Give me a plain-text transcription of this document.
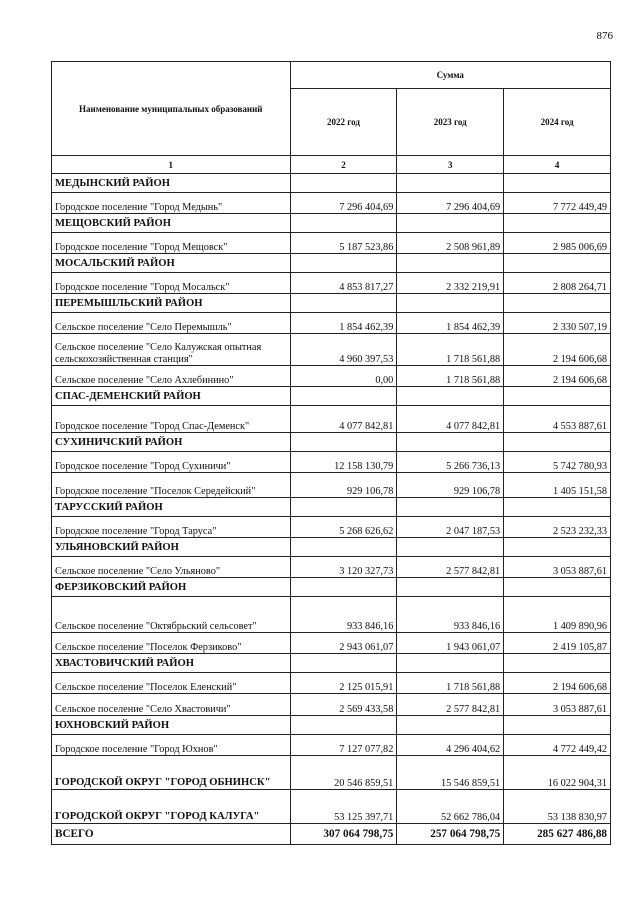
876
Наименование муниципальных образований	Сумма		
	2022 год	2023 год	2024 год
1	2	3	4
МЕДЫНСКИЙ РАЙОН			
Городское поселение "Город Медынь"	7 296 404,69	7 296 404,69	7 772 449,49
МЕЩОВСКИЙ РАЙОН			
Городское поселение "Город Мещовск"	5 187 523,86	2 508 961,89	2 985 006,69
МОСАЛЬСКИЙ РАЙОН			
Городское поселение "Город Мосальск"	4 853 817,27	2 332 219,91	2 808 264,71
ПЕРЕМЫШЛЬСКИЙ РАЙОН			
Сельское поселение "Село Перемышль"	1 854 462,39	1 854 462,39	2 330 507,19
Сельское поселение "Село Калужская опытная сельскохозяйственная станция"	4 960 397,53	1 718 561,88	2 194 606,68
Сельское поселение "Село Ахлебинино"	0,00	1 718 561,88	2 194 606,68
СПАС-ДЕМЕНСКИЙ РАЙОН			
Городское поселение "Город Спас-Деменск"	4 077 842,81	4 077 842,81	4 553 887,61
СУХИНИЧСКИЙ РАЙОН			
Городское поселение "Город Сухиничи"	12 158 130,79	5 266 736,13	5 742 780,93
Городское поселение "Поселок Середейский"	929 106,78	929 106,78	1 405 151,58
ТАРУССКИЙ РАЙОН			
Городское поселение "Город Таруса"	5 268 626,62	2 047 187,53	2 523 232,33
УЛЬЯНОВСКИЙ РАЙОН			
Сельское поселение "Село Ульяново"	3 120 327,73	2 577 842,81	3 053 887,61
ФЕРЗИКОВСКИЙ РАЙОН			
Сельское поселение "Октябрьский сельсовет"	933 846,16	933 846,16	1 409 890,96
Сельское поселение "Поселок Ферзиково"	2 943 061,07	1 943 061,07	2 419 105,87
ХВАСТОВИЧСКИЙ РАЙОН			
Сельское поселение "Поселок Еленский"	2 125 015,91	1 718 561,88	2 194 606,68
Сельское поселение "Село Хвастовичи"	2 569 433,58	2 577 842,81	3 053 887,61
ЮХНОВСКИЙ РАЙОН			
Городское поселение "Город Юхнов"	7 127 077,82	4 296 404,62	4 772 449,42
ГОРОДСКОЙ ОКРУГ "ГОРОД ОБНИНСК"	20 546 859,51	15 546 859,51	16 022 904,31
ГОРОДСКОЙ ОКРУГ "ГОРОД КАЛУГА"	53 125 397,71	52 662 786,04	53 138 830,97
ВСЕГО	307 064 798,75	257 064 798,75	285 627 486,88
